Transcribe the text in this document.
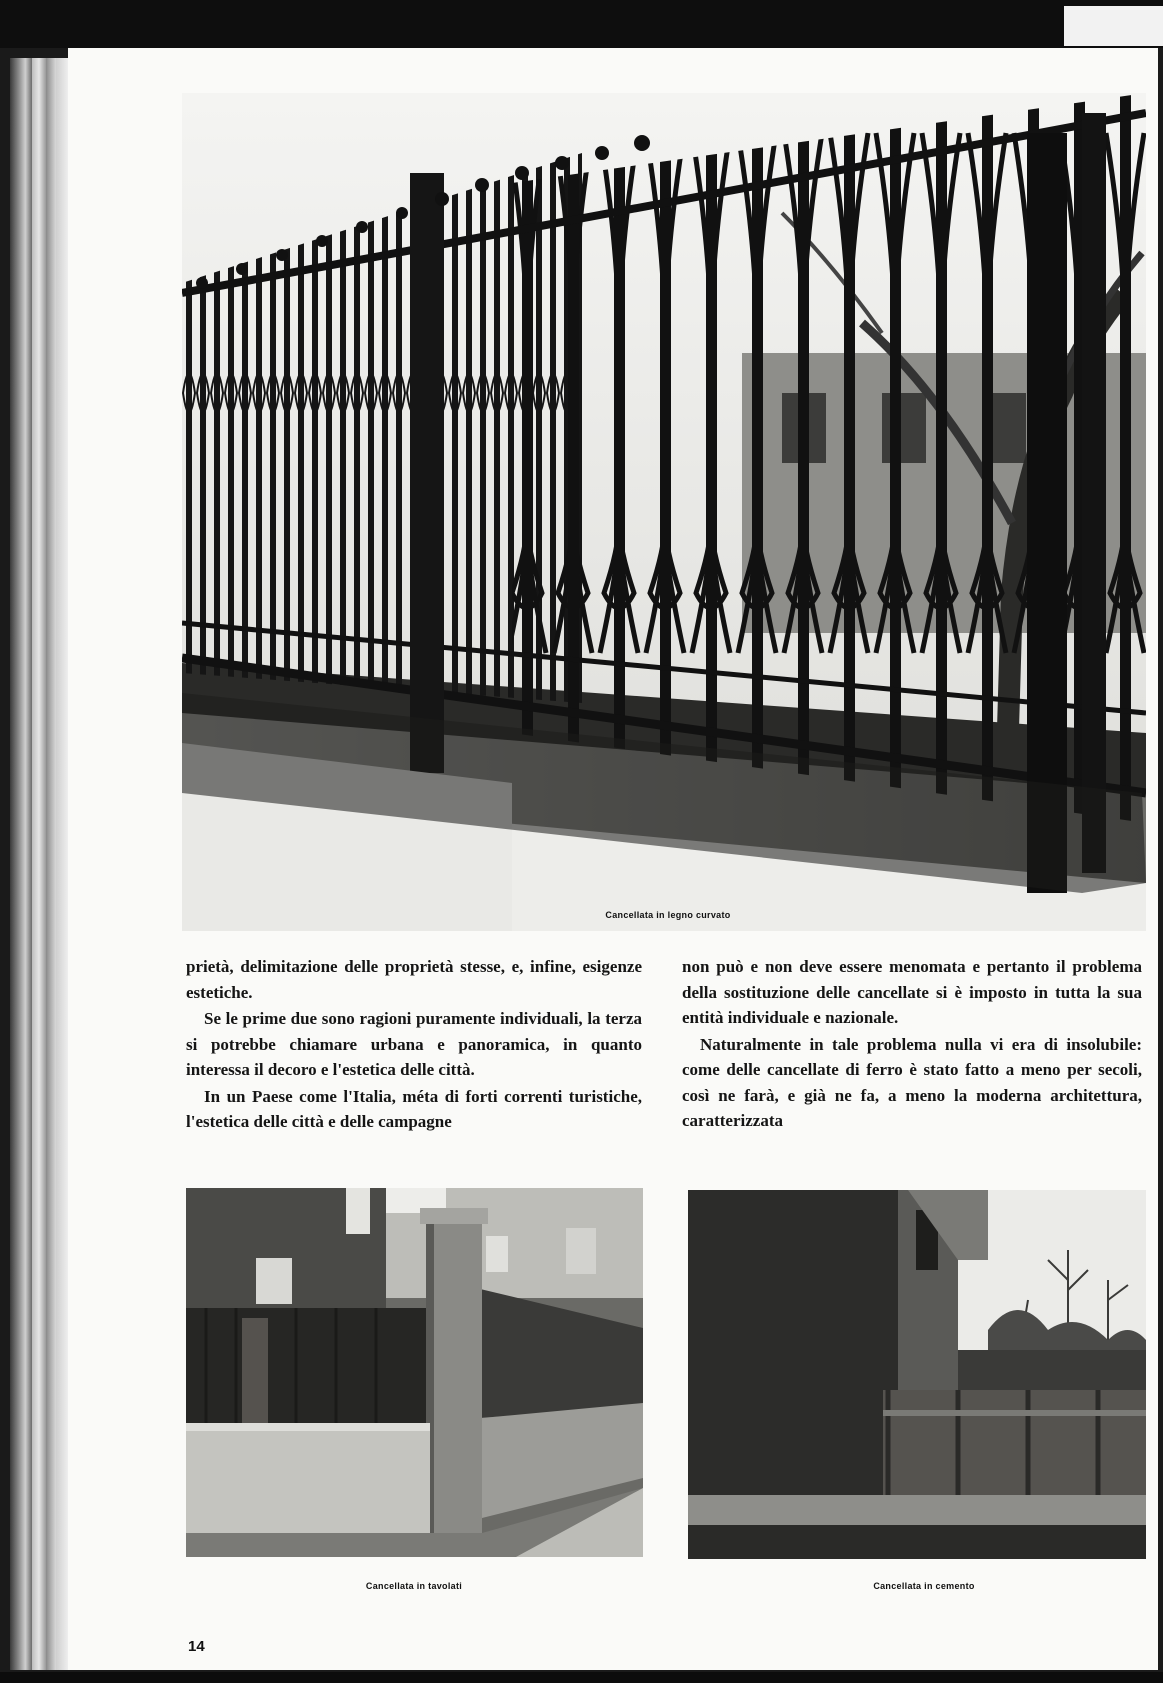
Cancellata in legno curvato

prietà, delimitazione delle proprietà stesse, e, infine, esigenze estetiche.

Se le prime due sono ragioni puramente individuali, la terza si potrebbe chiamare urbana e panoramica, in quanto interessa il decoro e l'estetica delle città.

In un Paese come l'Italia, méta di forti correnti turistiche, l'estetica delle città e delle campagne

non può e non deve essere menomata e pertanto il problema della sostituzione delle cancellate si è imposto in tutta la sua entità individuale e nazionale.

Naturalmente in tale problema nulla vi era di insolubile: come delle cancellate di ferro è stato fatto a meno per secoli, così ne farà, e già ne fa, a meno la moderna architettura, caratterizzata

Cancellata in tavolati	Cancellata in cemento
14
